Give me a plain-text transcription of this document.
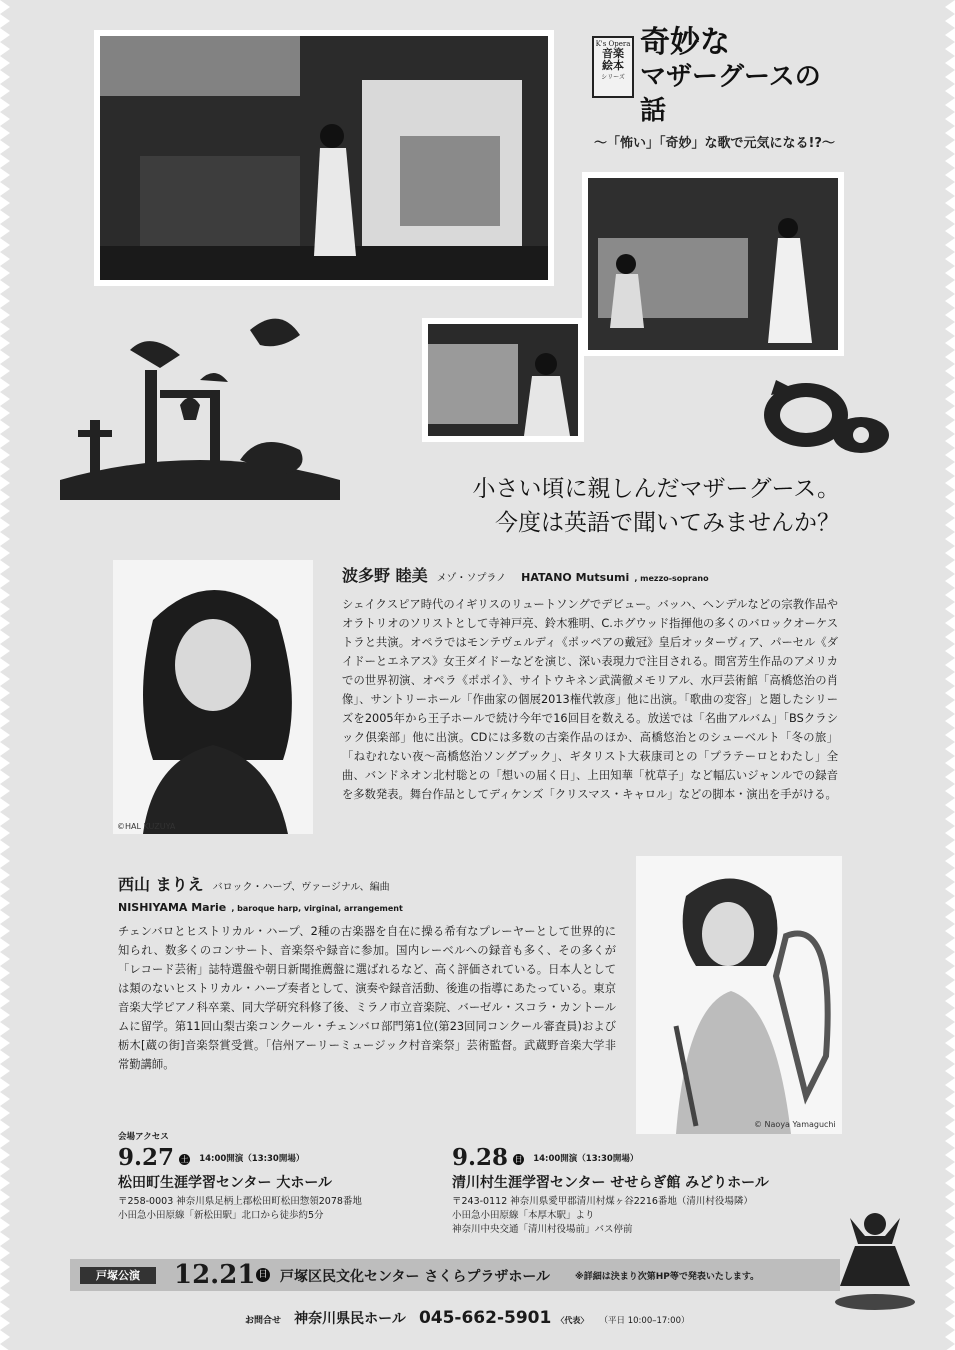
K's Opera
音楽
絵本
シリーズ
奇妙な
マザーグースの話
～「怖い」「奇妙」な歌で元気になる!?～
小さい頃に親しんだマザーグース。
今度は英語で聞いてみませんか？
©HAL KUZUYA
波多野 睦美 メゾ・ソプラノ HATANO Mutsumi , mezzo-soprano
シェイクスピア時代のイギリスのリュートソングでデビュー。バッハ、ヘンデルなどの宗教作品やオラトリオのソリストとして寺神戸亮、鈴木雅明、C.ホグウッド指揮他の多くのバロックオーケストラと共演。オペラではモンテヴェルディ《ポッペアの戴冠》皇后オッターヴィア、パーセル《ダイドーとエネアス》女王ダイドーなどを演じ、深い表現力で注目される。間宮芳生作品のアメリカでの世界初演、オペラ《ポポイ》、サイトウキネン武満徹メモリアル、水戸芸術館「高橋悠治の肖像」、サントリーホール「作曲家の個展2013権代敦彦」他に出演。「歌曲の変容」と題したシリーズを2005年から王子ホールで続け今年で16回目を数える。放送では「名曲アルバム」「BSクラシック倶楽部」他に出演。CDには多数の古楽作品のほか、高橋悠治とのシューベルト「冬の旅」「ねむれない夜～高橋悠治ソングブック」、ギタリスト大萩康司との「プラテーロとわたし」全曲、バンドネオン北村聡との「想いの届く日」、上田知華「枕草子」など幅広いジャンルでの録音を多数発表。舞台作品としてディケンズ「クリスマス・キャロル」などの脚本・演出を手がける。
西山 まりえ バロック・ハープ、ヴァージナル、編曲
NISHIYAMA Marie , baroque harp, virginal, arrangement
チェンバロとヒストリカル・ハープ、2種の古楽器を自在に操る希有なプレーヤーとして世界的に知られ、数多くのコンサート、音楽祭や録音に参加。国内レーベルへの録音も多く、その多くが「レコード芸術」誌特選盤や朝日新聞推薦盤に選ばれるなど、高く評価されている。日本人としては類のないヒストリカル・ハープ奏者として、演奏や録音活動、後進の指導にあたっている。東京音楽大学ピアノ科卒業、同大学研究科修了後、ミラノ市立音楽院、バーゼル・スコラ・カントールムに留学。第11回山梨古楽コンクール・チェンバロ部門第1位(第23回同コンクール審査員)および栃木[蔵の街]音楽祭賞受賞。「信州アーリーミュージック村音楽祭」芸術監督。武蔵野音楽大学非常勤講師。
© Naoya Yamaguchi
会場アクセス
9.27 土 $^{14:00開演(13:30開場)}$
松田町生涯学習センター 大ホール
〒258-0003 神奈川県足柄上郡松田町松田惣領2078番地
小田急小田原線「新松田駅」北口から徒歩約5分
9.28 日 $^{14:00開演(13:30開場)}$
清川村生涯学習センター せせらぎ館 みどりホール
〒243-0112 神奈川県愛甲郡清川村煤ヶ谷2216番地（清川村役場隣）
小田急小田原線「本厚木駅」より
神奈川中央交通「清川村役場前」バス停前
戸塚公演	12.21 日 戸塚区民文化センター さくらプラザホール	※詳細は決まり次第HP等で発表いたします。
お問合せ 神奈川県民ホール 045-662-5901 〈代表〉 （平日 10:00–17:00）
